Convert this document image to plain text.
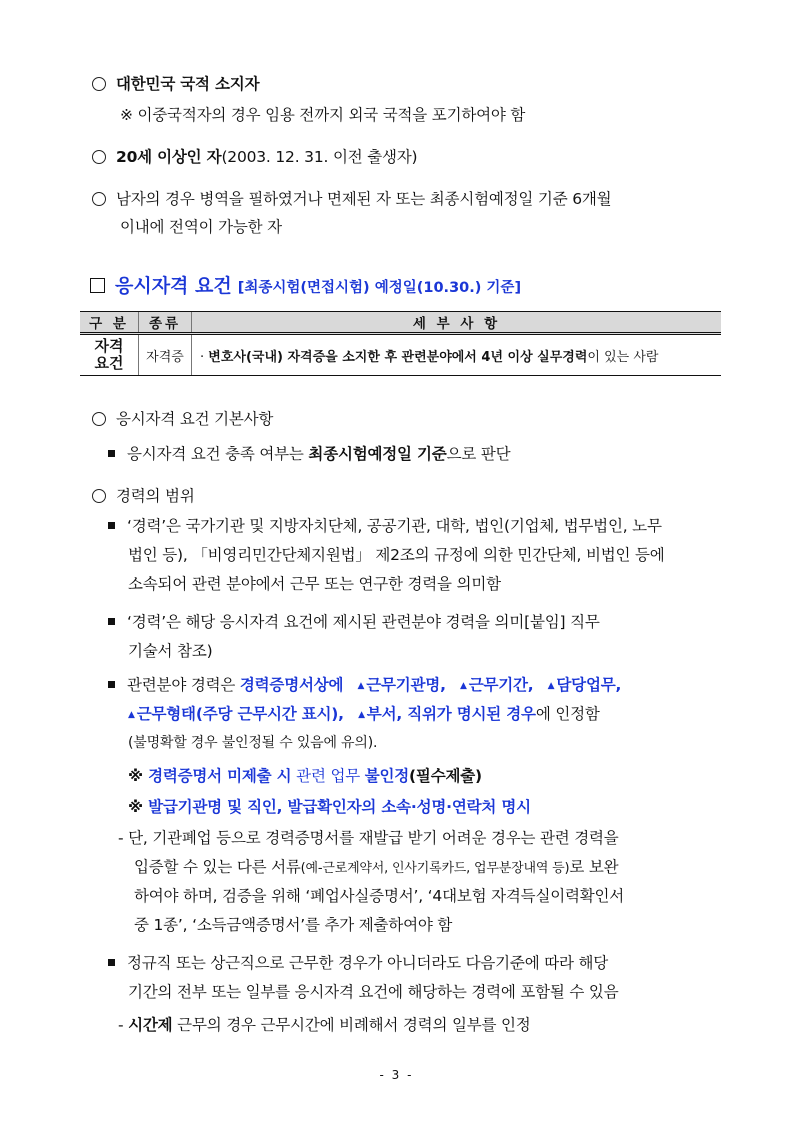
대한민국 국적 소지자
※ 이중국적자의 경우 임용 전까지 외국 국적을 포기하여야 함
20세 이상인 자(2003. 12. 31. 이전 출생자)
남자의 경우 병역을 필하였거나 면제된 자 또는 최종시험예정일 기준 6개월
이내에 전역이 가능한 자
응시자격 요건 [최종시험(면접시험) 예정일(10.30.) 기준]
구 분	종류	세 부 사 항

자격
요건	자격증	· 변호사(국내) 자격증을 소지한 후 관련분야에서 4년 이상 실무경력이 있는 사람
응시자격 요건 기본사항
응시자격 요건 충족 여부는 최종시험예정일 기준으로 판단
경력의 범위
‘경력’은 국가기관 및 지방자치단체, 공공기관, 대학, 법인(기업체, 법무법인, 노무
법인 등), 「비영리민간단체지원법」 제2조의 규정에 의한 민간단체, 비법인 등에
소속되어 관련 분야에서 근무 또는 연구한 경력을 의미함
‘경력’은 해당 응시자격 요건에 제시된 관련분야 경력을 의미[붙임] 직무
기술서 참조)
관련분야 경력은 경력증명서상에 ▲ 근무기관명, ▲ 근무기간, ▲ 담당업무,
▲ 근무형태(주당 근무시간 표시), ▲ 부서, 직위가 명시된 경우에 인정함
(불명확할 경우 불인정될 수 있음에 유의).
※ 경력증명서 미제출 시 관련 업무 불인정(필수제출)
※ 발급기관명 및 직인, 발급확인자의 소속·성명·연락처 명시
- 단, 기관폐업 등으로 경력증명서를 재발급 받기 어려운 경우는 관련 경력을
입증할 수 있는 다른 서류(예-근로계약서, 인사기록카드, 업무분장내역 등)로 보완
하여야 하며, 검증을 위해 ‘폐업사실증명서’, ‘4대보험 자격득실이력확인서
중 1종’, ‘소득금액증명서’를 추가 제출하여야 함
정규직 또는 상근직으로 근무한 경우가 아니더라도 다음기준에 따라 해당
기간의 전부 또는 일부를 응시자격 요건에 해당하는 경력에 포함될 수 있음
- 시간제 근무의 경우 근무시간에 비례해서 경력의 일부를 인정
- 3 -
